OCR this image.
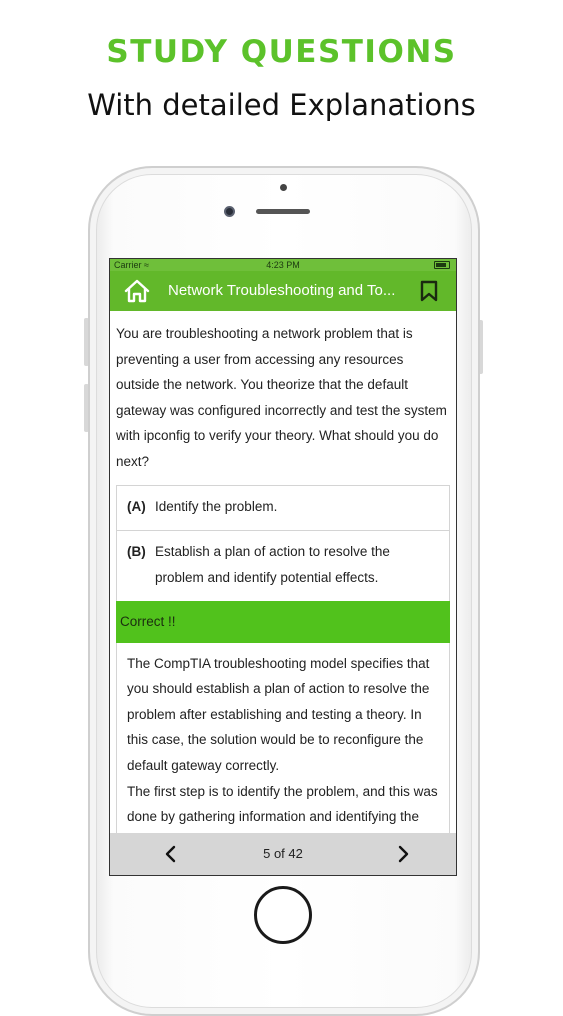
STUDY QUESTIONS
With detailed Explanations
Carrier ≈	4:23 PM
Network Troubleshooting and To...

You are troubleshooting a network problem that is preventing a user from accessing any resources outside the network. You theorize that the default gateway was configured incorrectly and test the system with ipconfig to verify your theory. What should you do next?

(A) Identify the problem.
(B) Establish a plan of action to resolve the problem and identify potential effects.
Correct !!

The CompTIA troubleshooting model specifies that you should establish a plan of action to resolve the problem after establishing and testing a theory. In this case, the solution would be to reconfigure the default gateway correctly.

The first step is to identify the problem, and this was done by gathering information and identifying the

5 of 42
